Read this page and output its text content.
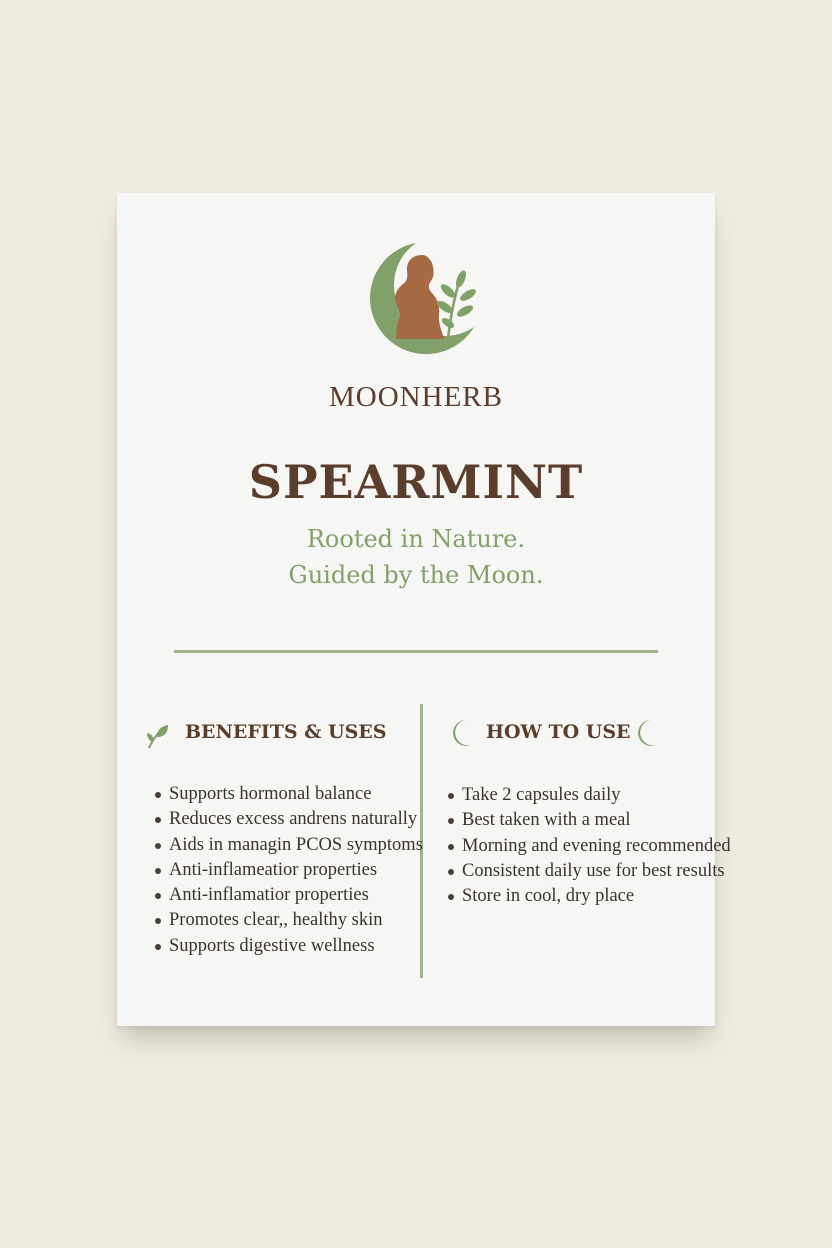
MOONHERB
SPEARMINT
Rooted in Nature.
Guided by the Moon.
BENEFITS & USES	HOW TO USE
Supports hormonal balance
Reduces excess andrens naturally
Aids in managin PCOS symptoms
Anti-inflameatior properties
Anti-inflamatior properties
Promotes clear,, healthy skin
Supports digestive wellness
Take 2 capsules daily
Best taken with a meal
Morning and evening recommended
Consistent daily use for best results
Store in cool, dry place
